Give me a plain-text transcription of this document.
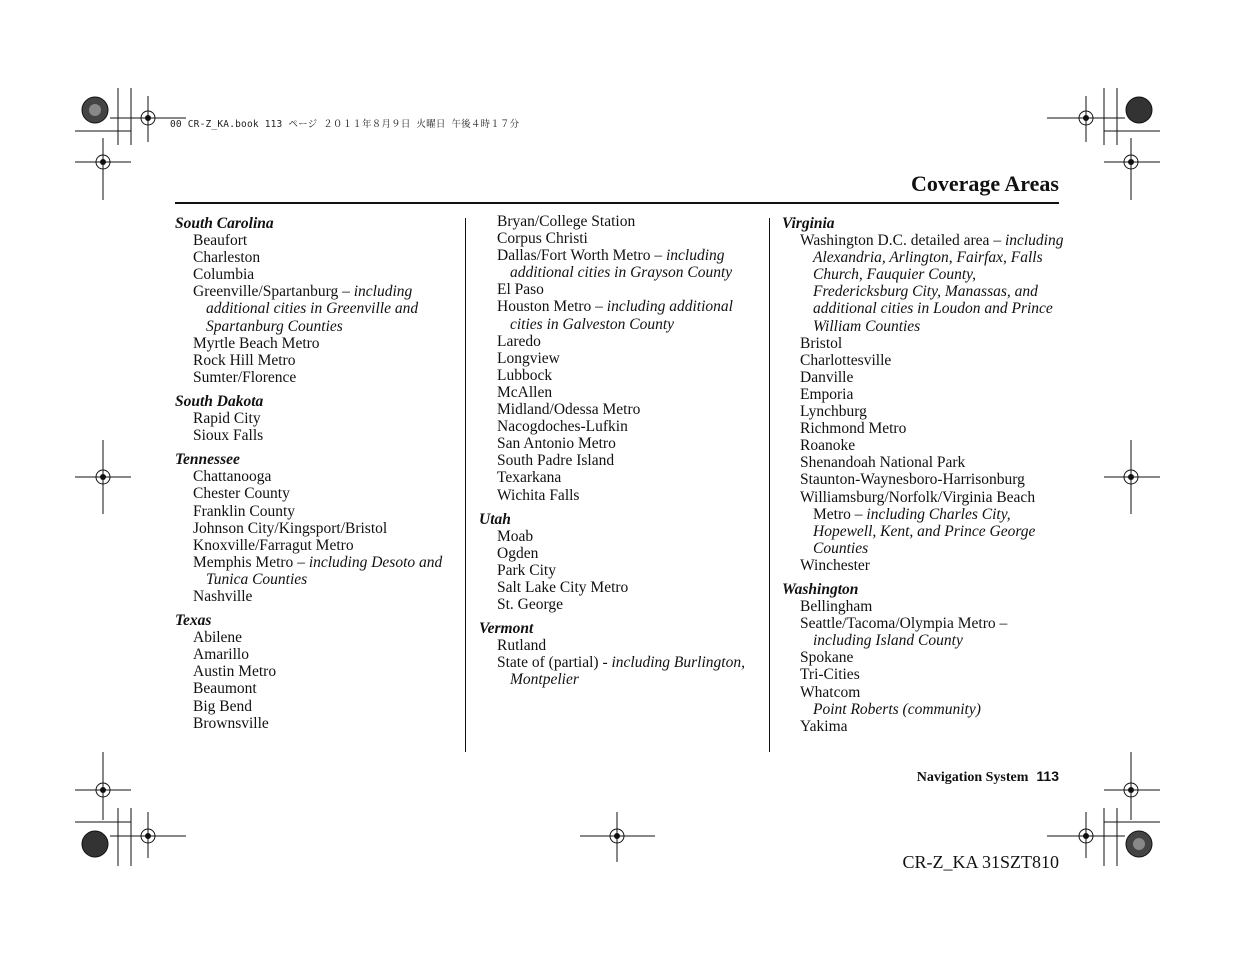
00 CR-Z_KA.book 113 ページ ２０１１年８月９日 火曜日 午後４時１７分
Coverage Areas
South Carolina
Beaufort
Charleston
Columbia
Greenville/Spartanburg – including additional cities in Greenville and Spartanburg Counties
Myrtle Beach Metro
Rock Hill Metro
Sumter/Florence
South Dakota
Rapid City
Sioux Falls
Tennessee
Chattanooga
Chester County
Franklin County
Johnson City/Kingsport/Bristol
Knoxville/Farragut Metro
Memphis Metro – including Desoto and Tunica Counties
Nashville
Texas
Abilene
Amarillo
Austin Metro
Beaumont
Big Bend
Brownsville
Bryan/College Station
Corpus Christi
Dallas/Fort Worth Metro – including additional cities in Grayson County
El Paso
Houston Metro – including additional cities in Galveston County
Laredo
Longview
Lubbock
McAllen
Midland/Odessa Metro
Nacogdoches-Lufkin
San Antonio Metro
South Padre Island
Texarkana
Wichita Falls
Utah
Moab
Ogden
Park City
Salt Lake City Metro
St. George
Vermont
Rutland
State of (partial) - including Burlington, Montpelier
Virginia
Washington D.C. detailed area – including Alexandria, Arlington, Fairfax, Falls Church, Fauquier County, Fredericksburg City, Manassas, and additional cities in Loudon and Prince William Counties
Bristol
Charlottesville
Danville
Emporia
Lynchburg
Richmond Metro
Roanoke
Shenandoah National Park
Staunton-Waynesboro-Harrisonburg
Williamsburg/Norfolk/Virginia Beach Metro – including Charles City, Hopewell, Kent, and Prince George Counties
Winchester
Washington
Bellingham
Seattle/Tacoma/Olympia Metro – including Island County
Spokane
Tri-Cities
Whatcom
Point Roberts (community)
Yakima
Navigation System 113
CR-Z_KA 31SZT810
